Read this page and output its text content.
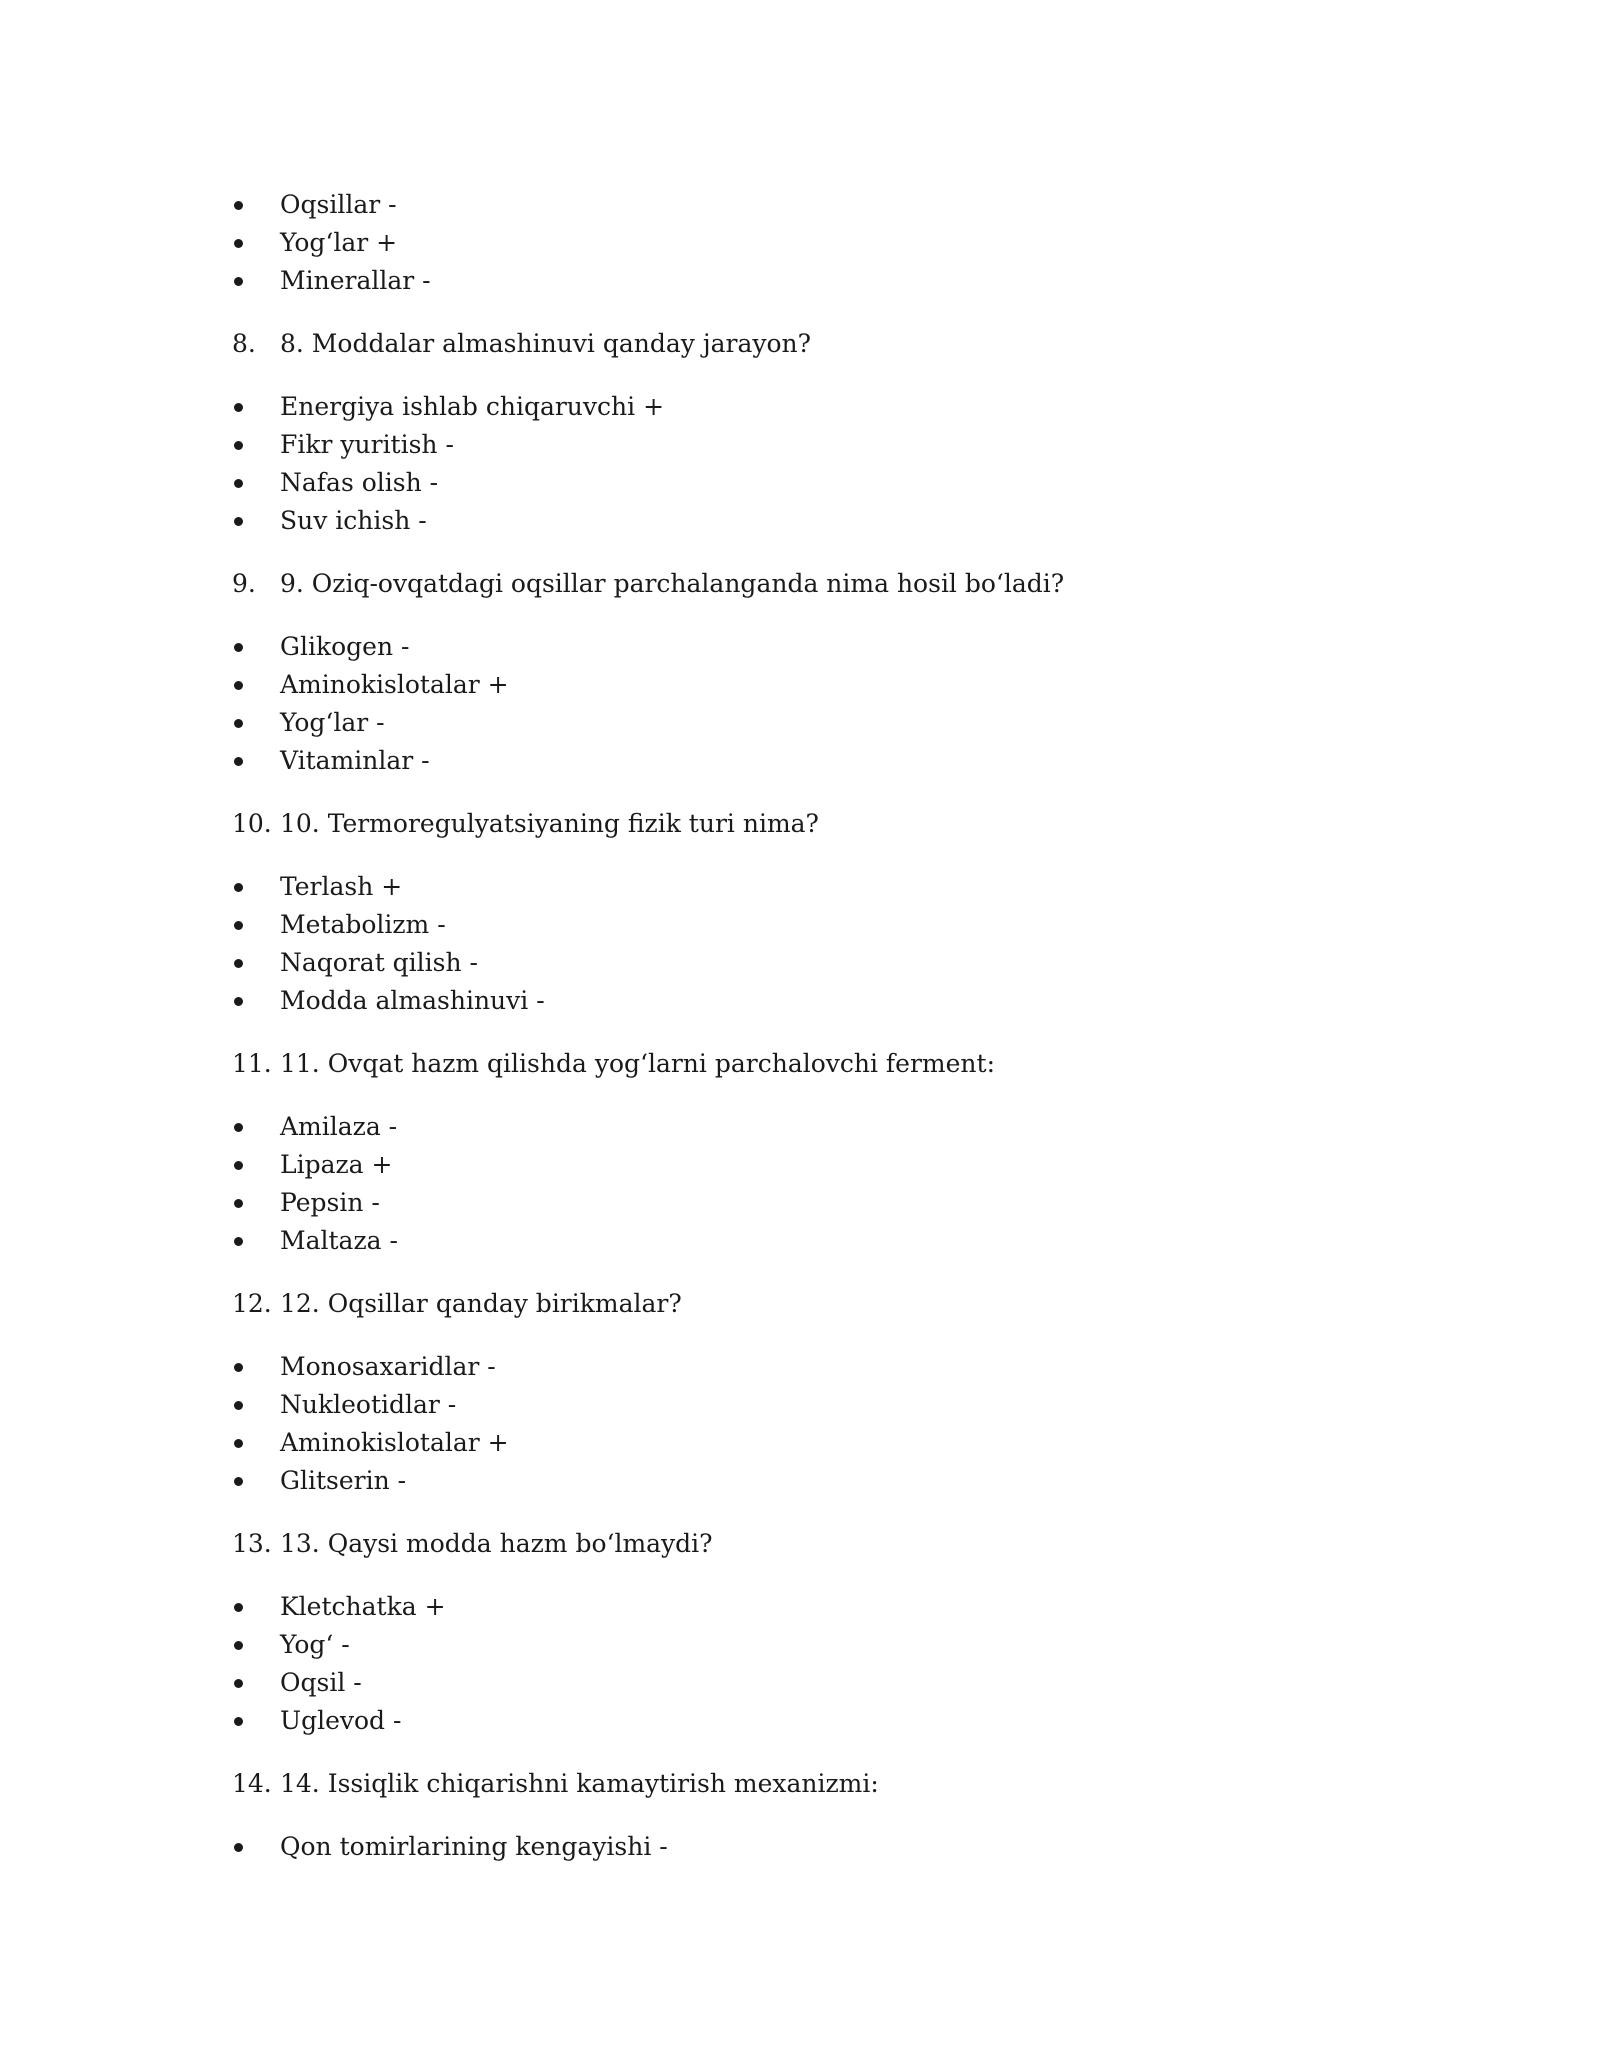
Oqsillar -
Yog‘lar +
Minerallar -
8. 8. Moddalar almashinuvi qanday jarayon?
Energiya ishlab chiqaruvchi +
Fikr yuritish -
Nafas olish -
Suv ichish -
9. 9. Oziq-ovqatdagi oqsillar parchalanganda nima hosil bo‘ladi?
Glikogen -
Aminokislotalar +
Yog‘lar -
Vitaminlar -
10. 10. Termoregulyatsiyaning fizik turi nima?
Terlash +
Metabolizm -
Naqorat qilish -
Modda almashinuvi -
11. 11. Ovqat hazm qilishda yog‘larni parchalovchi ferment:
Amilaza -
Lipaza +
Pepsin -
Maltaza -
12. 12. Oqsillar qanday birikmalar?
Monosaxaridlar -
Nukleotidlar -
Aminokislotalar +
Glitserin -
13. 13. Qaysi modda hazm bo‘lmaydi?
Kletchatka +
Yog‘ -
Oqsil -
Uglevod -
14. 14. Issiqlik chiqarishni kamaytirish mexanizmi:
Qon tomirlarining kengayishi -
